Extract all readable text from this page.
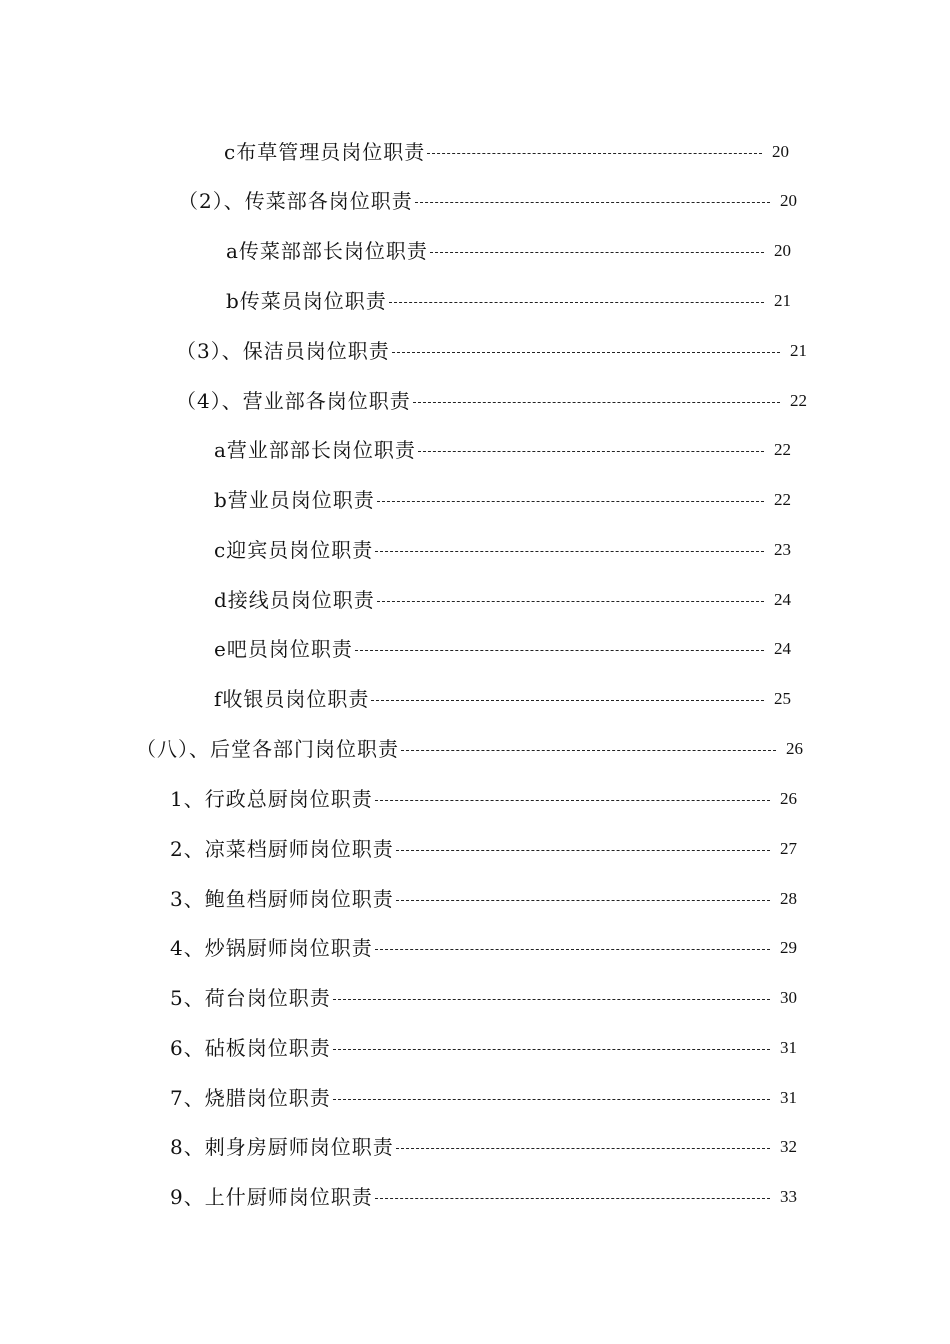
c布草管理员岗位职责	20
（2）、传菜部各岗位职责	20
a传菜部部长岗位职责	20
b传菜员岗位职责	21
（3）、保洁员岗位职责	21
（4）、营业部各岗位职责	22
a营业部部长岗位职责	22
b营业员岗位职责	22
c迎宾员岗位职责	23
d接线员岗位职责	24
e吧员岗位职责	24
f收银员岗位职责	25
（八）、后堂各部门岗位职责	26
1、行政总厨岗位职责	26
2、凉菜档厨师岗位职责	27
3、鲍鱼档厨师岗位职责	28
4、炒锅厨师岗位职责	29
5、荷台岗位职责	30
6、砧板岗位职责	31
7、烧腊岗位职责	31
8、刺身房厨师岗位职责	32
9、上什厨师岗位职责	33
